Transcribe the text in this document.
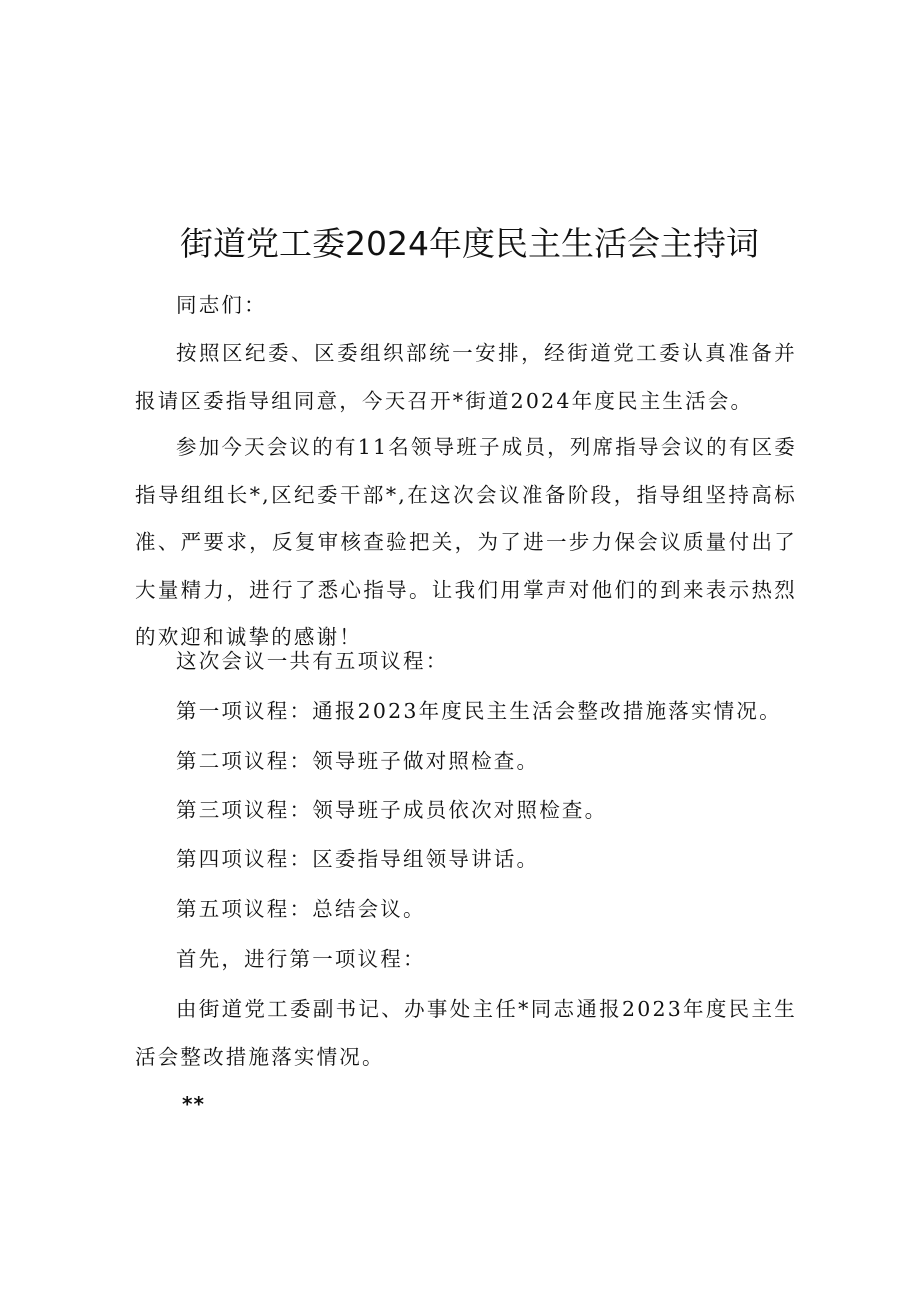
街道党工委2024年度民主生活会主持词

同志们：

按照区纪委、区委组织部统一安排，经街道党工委认真准备并报请区委指导组同意，今天召开*街道2024年度民主生活会。

参加今天会议的有11名领导班子成员，列席指导会议的有区委指导组组长*,区纪委干部*,在这次会议准备阶段，指导组坚持高标准、严要求，反复审核查验把关，为了进一步力保会议质量付出了大量精力，进行了悉心指导。让我们用掌声对他们的到来表示热烈的欢迎和诚挚的感谢！

这次会议一共有五项议程：

第一项议程：通报2023年度民主生活会整改措施落实情况。

第二项议程：领导班子做对照检查。

第三项议程：领导班子成员依次对照检查。

第四项议程：区委指导组领导讲话。

第五项议程：总结会议。

首先，进行第一项议程：

由街道党工委副书记、办事处主任*同志通报2023年度民主生活会整改措施落实情况。

**
